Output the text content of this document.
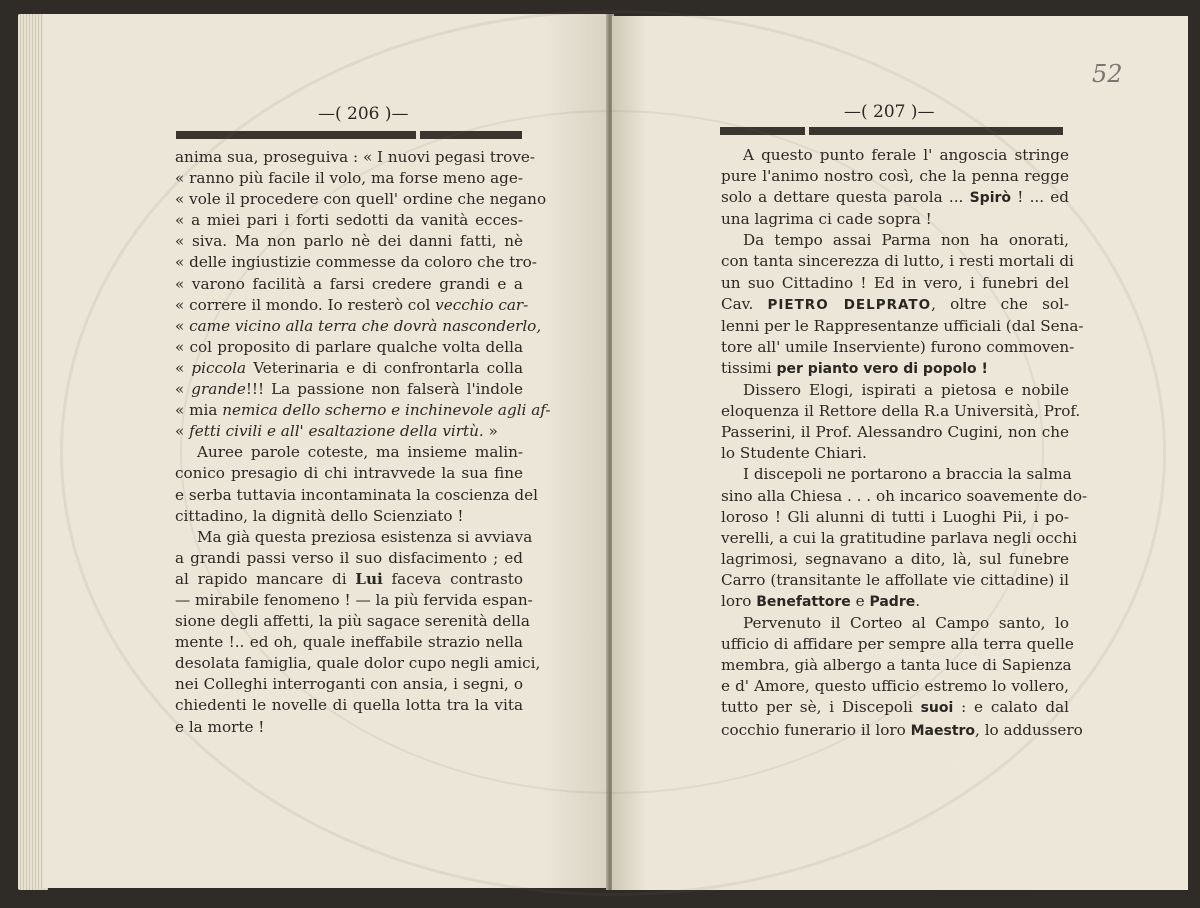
—( 206 )—
anima sua, proseguiva : « I nuovi pegasi trove-
« ranno più facile il volo, ma forse meno age-
« vole il procedere con quell' ordine che negano
« a miei pari i forti sedotti da vanità ecces-
« siva. Ma non parlo nè dei danni fatti, nè
« delle ingiustizie commesse da coloro che tro-
« varono facilità a farsi credere grandi e a
« correre il mondo. Io resterò col vecchio car-
« came vicino alla terra che dovrà nasconderlo,
« col proposito di parlare qualche volta della
« piccola Veterinaria e di confrontarla colla
« grande!!! La passione non falserà l'indole
« mia nemica dello scherno e inchinevole agli af-
« fetti civili e all' esaltazione della virtù. »
Auree parole coteste, ma insieme malin-
conico presagio di chi intravvede la sua fine
e serba tuttavia incontaminata la coscienza del
cittadino, la dignità dello Scienziato !
Ma già questa preziosa esistenza si avviava
a grandi passi verso il suo disfacimento ; ed
al rapido mancare di Lui faceva contrasto
— mirabile fenomeno ! — la più fervida espan-
sione degli affetti, la più sagace serenità della
mente !.. ed oh, quale ineffabile strazio nella
desolata famiglia, quale dolor cupo negli amici,
nei Colleghi interroganti con ansia, i segni, o
chiedenti le novelle di quella lotta tra la vita
e la morte !
—( 207 )—
A questo punto ferale l' angoscia stringe
pure l'animo nostro così, che la penna regge
solo a dettare questa parola ... Spirò ! ... ed
una lagrima ci cade sopra !
Da tempo assai Parma non ha onorati,
con tanta sincerezza di lutto, i resti mortali di
un suo Cittadino ! Ed in vero, i funebri del
Cav. PIETRO DELPRATO, oltre che sol-
lenni per le Rappresentanze ufficiali (dal Sena-
tore all' umile Inserviente) furono commoven-
tissimi per pianto vero di popolo !
Dissero Elogi, ispirati a pietosa e nobile
eloquenza il Rettore della R.a Università, Prof.
Passerini, il Prof. Alessandro Cugini, non che
lo Studente Chiari.
I discepoli ne portarono a braccia la salma
sino alla Chiesa . . . oh incarico soavemente do-
loroso ! Gli alunni di tutti i Luoghi Pii, i po-
verelli, a cui la gratitudine parlava negli occhi
lagrimosi, segnavano a dito, là, sul funebre
Carro (transitante le affollate vie cittadine) il
loro Benefattore e Padre.
Pervenuto il Corteo al Campo santo, lo
ufficio di affidare per sempre alla terra quelle
membra, già albergo a tanta luce di Sapienza
e d' Amore, questo ufficio estremo lo vollero,
tutto per sè, i Discepoli suoi : e calato dal
cocchio funerario il loro Maestro, lo addussero
52
